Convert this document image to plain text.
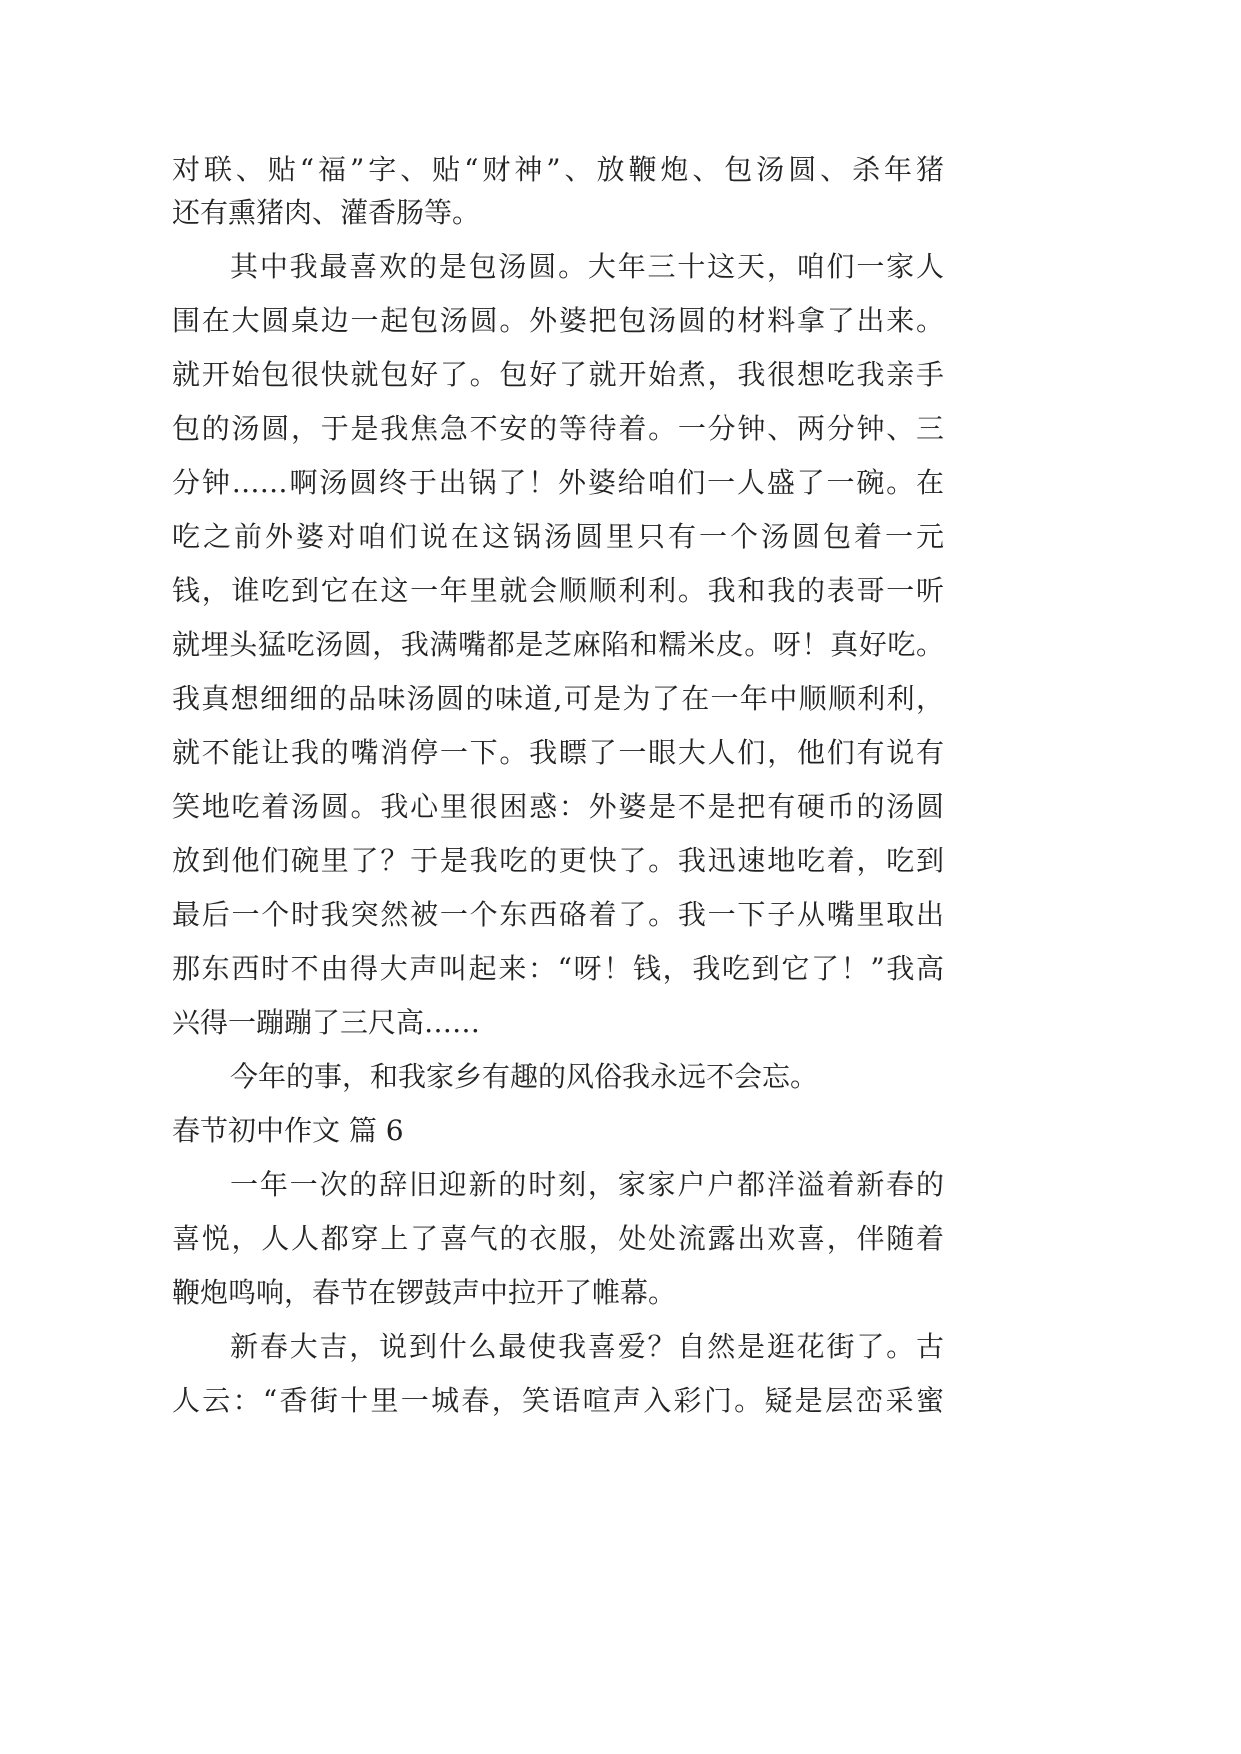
对联、贴“福”字、贴“财神”、放鞭炮、包汤圆、杀年猪
还有熏猪肉、灌香肠等。
其中我最喜欢的是包汤圆。大年三十这天，咱们一家人
围在大圆桌边一起包汤圆。外婆把包汤圆的材料拿了出来。
就开始包很快就包好了。包好了就开始煮，我很想吃我亲手
包的汤圆，于是我焦急不安的等待着。一分钟、两分钟、三
分钟……啊汤圆终于出锅了！外婆给咱们一人盛了一碗。在
吃之前外婆对咱们说在这锅汤圆里只有一个汤圆包着一元
钱，谁吃到它在这一年里就会顺顺利利。我和我的表哥一听
就埋头猛吃汤圆，我满嘴都是芝麻陷和糯米皮。呀！真好吃。
我真想细细的品味汤圆的味道,可是为了在一年中顺顺利利，
就不能让我的嘴消停一下。我瞟了一眼大人们，他们有说有
笑地吃着汤圆。我心里很困惑：外婆是不是把有硬币的汤圆
放到他们碗里了？于是我吃的更快了。我迅速地吃着，吃到
最后一个时我突然被一个东西硌着了。我一下子从嘴里取出
那东西时不由得大声叫起来：“呀！钱，我吃到它了！”我高
兴得一蹦蹦了三尺高……
今年的事，和我家乡有趣的风俗我永远不会忘。
春节初中作文 篇 6
一年一次的辞旧迎新的时刻，家家户户都洋溢着新春的
喜悦，人人都穿上了喜气的衣服，处处流露出欢喜，伴随着
鞭炮鸣响，春节在锣鼓声中拉开了帷幕。
新春大吉，说到什么最使我喜爱？自然是逛花街了。古
人云：“香街十里一城春，笑语喧声入彩门。疑是层峦采蜜
